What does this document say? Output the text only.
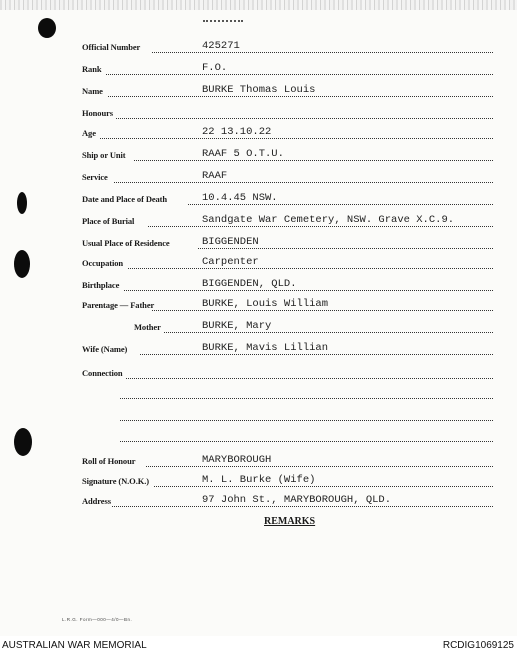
Official Number	425271
Rank	F.O.
Name	BURKE Thomas Louis
Honours
Age	22 13.10.22
Ship or Unit	RAAF 5 O.T.U.
Service	RAAF
Date and Place of Death	10.4.45 NSW.
Place of Burial	Sandgate War Cemetery, NSW. Grave X.C.9.
Usual Place of Residence	BIGGENDEN
Occupation	Carpenter
Birthplace	BIGGENDEN, QLD.
Parentage — Father	BURKE, Louis William
Mother	BURKE, Mary
Wife (Name)	BURKE, Mavis Lillian
Connection
Roll of Honour	MARYBOROUGH
Signature (N.O.K.)	M. L. Burke (Wife)
Address	97 John St., MARYBOROUGH, QLD.
REMARKS
L.R.G. Form—000—4/0—Bn.
AUSTRALIAN WAR MEMORIAL	RCDIG1069125
